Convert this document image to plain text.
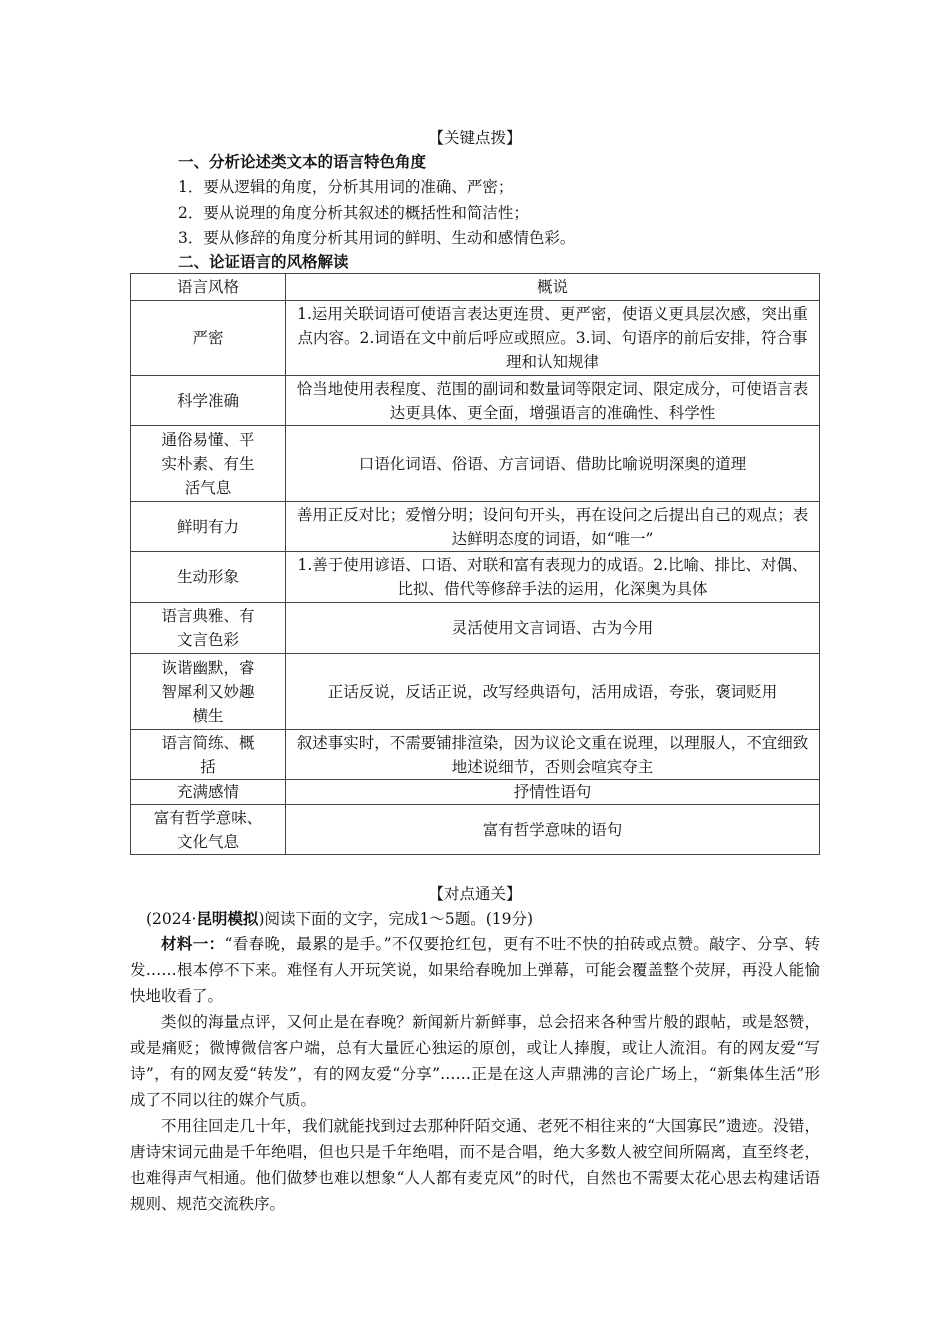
【关键点拨】
一、分析论述类文本的语言特色角度
1．要从逻辑的角度，分析其用词的准确、严密；
2．要从说理的角度分析其叙述的概括性和简洁性；
3．要从修辞的角度分析其用词的鲜明、生动和感情色彩。
二、论证语言的风格解读
语言风格	概说
严密	1.运用关联词语可使语言表达更连贯、更严密，使语义更具层次感，突出重点内容。2.词语在文中前后呼应或照应。3.词、句语序的前后安排，符合事理和认知规律
科学准确	恰当地使用表程度、范围的副词和数量词等限定词、限定成分，可使语言表达更具体、更全面，增强语言的准确性、科学性
通俗易懂、平实朴素、有生活气息	口语化词语、俗语、方言词语、借助比喻说明深奥的道理
鲜明有力	善用正反对比；爱憎分明；设问句开头，再在设问之后提出自己的观点；表达鲜明态度的词语，如“唯一”
生动形象	1.善于使用谚语、口语、对联和富有表现力的成语。2.比喻、排比、对偶、比拟、借代等修辞手法的运用，化深奥为具体
语言典雅、有文言色彩	灵活使用文言词语、古为今用
诙谐幽默，睿智犀利又妙趣横生	正话反说，反话正说，改写经典语句，活用成语，夸张，褒词贬用
语言简练、概括	叙述事实时，不需要铺排渲染，因为议论文重在说理，以理服人，不宜细致地述说细节，否则会喧宾夺主
充满感情	抒情性语句
富有哲学意味、文化气息	富有哲学意味的语句
【对点通关】
(2024·昆明模拟)阅读下面的文字，完成1～5题。(19分)
材料一：“看春晚，最累的是手。”不仅要抢红包，更有不吐不快的拍砖或点赞。敲字、分享、转发……根本停不下来。难怪有人开玩笑说，如果给春晚加上弹幕，可能会覆盖整个荧屏，再没人能愉快地收看了。
类似的海量点评，又何止是在春晚？新闻新片新鲜事，总会招来各种雪片般的跟帖，或是怒赞，或是痛贬；微博微信客户端，总有大量匠心独运的原创，或让人捧腹，或让人流泪。有的网友爱“写诗”，有的网友爱“转发”，有的网友爱“分享”……正是在这人声鼎沸的言论广场上，“新集体生活”形成了不同以往的媒介气质。
不用往回走几十年，我们就能找到过去那种阡陌交通、老死不相往来的“大国寡民”遗迹。没错，唐诗宋词元曲是千年绝唱，但也只是千年绝唱，而不是合唱，绝大多数人被空间所隔离，直至终老，也难得声气相通。他们做梦也难以想象“人人都有麦克风”的时代，自然也不需要太花心思去构建话语规则、规范交流秩序。
